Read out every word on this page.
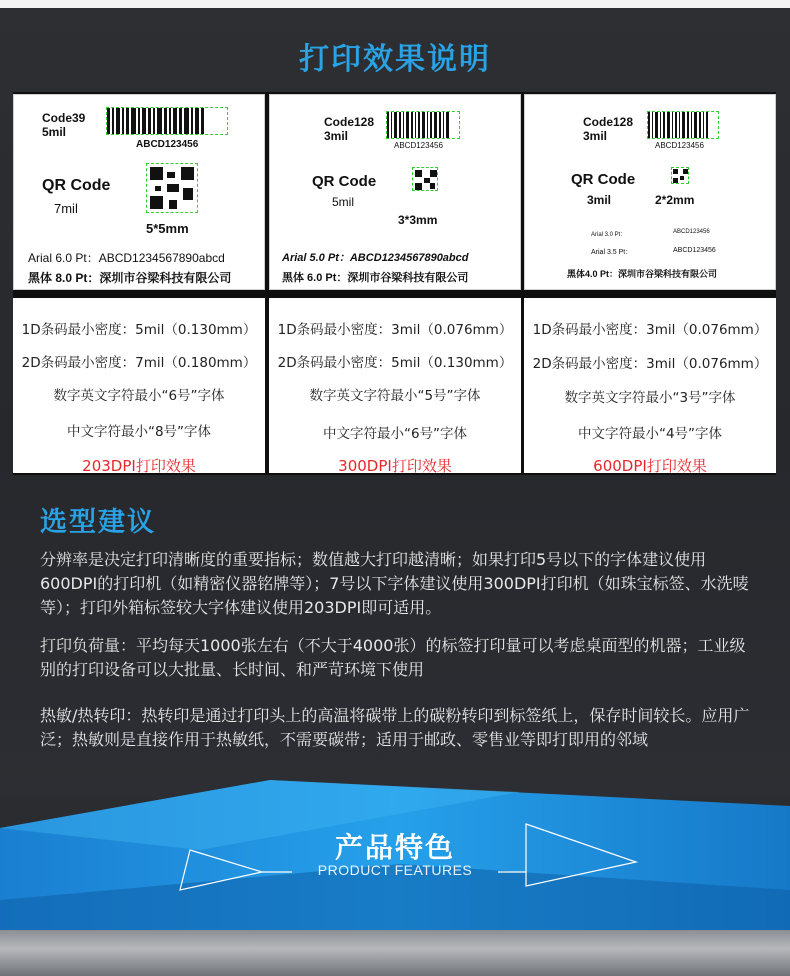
打印效果说明
Code39
5mil
ABCD123456
QR Code
7mil
5*5mm
Arial 6.0 Pt：ABCD1234567890abcd
黑体 8.0 Pt：深圳市谷梁科技有限公司
1D条码最小密度：5mil（0.130mm）
2D条码最小密度：7mil（0.180mm）
数字英文字符最小“6号”字体
中文字符最小“8号”字体
203DPI打印效果
Code128
3mil
ABCD123456
QR Code
5mil
3*3mm
Arial 5.0 Pt：ABCD1234567890abcd
黑体 6.0 Pt：深圳市谷梁科技有限公司
1D条码最小密度：3mil（0.076mm）
2D条码最小密度：5mil（0.130mm）
数字英文字符最小“5号”字体
中文字符最小“6号”字体
300DPI打印效果
Code128
3mil
ABCD123456
QR Code
3mil	2*2mm
Arial 3.0 Pt：	ABCD123456
Arial 3.5 Pt：	ABCD123456
黑体4.0 Pt：深圳市谷梁科技有限公司
1D条码最小密度：3mil（0.076mm）
2D条码最小密度：3mil（0.076mm）
数字英文字符最小“3号”字体
中文字符最小“4号”字体
600DPI打印效果
选型建议

分辨率是决定打印清晰度的重要指标；数值越大打印越清晰；如果打印5号以下的字体建议使用600DPI的打印机（如精密仪器铭牌等）；7号以下字体建议使用300DPI打印机（如珠宝标签、水洗唛等）；打印外箱标签较大字体建议使用203DPI即可适用。

打印负荷量：平均每天1000张左右（不大于4000张）的标签打印量可以考虑桌面型的机器；工业级别的打印设备可以大批量、长时间、和严苛环境下使用

热敏/热转印：热转印是通过打印头上的高温将碳带上的碳粉转印到标签纸上，保存时间较长。应用广泛；热敏则是直接作用于热敏纸，不需要碳带；适用于邮政、零售业等即打即用的邻域

产品特色
PRODUCT FEATURES
